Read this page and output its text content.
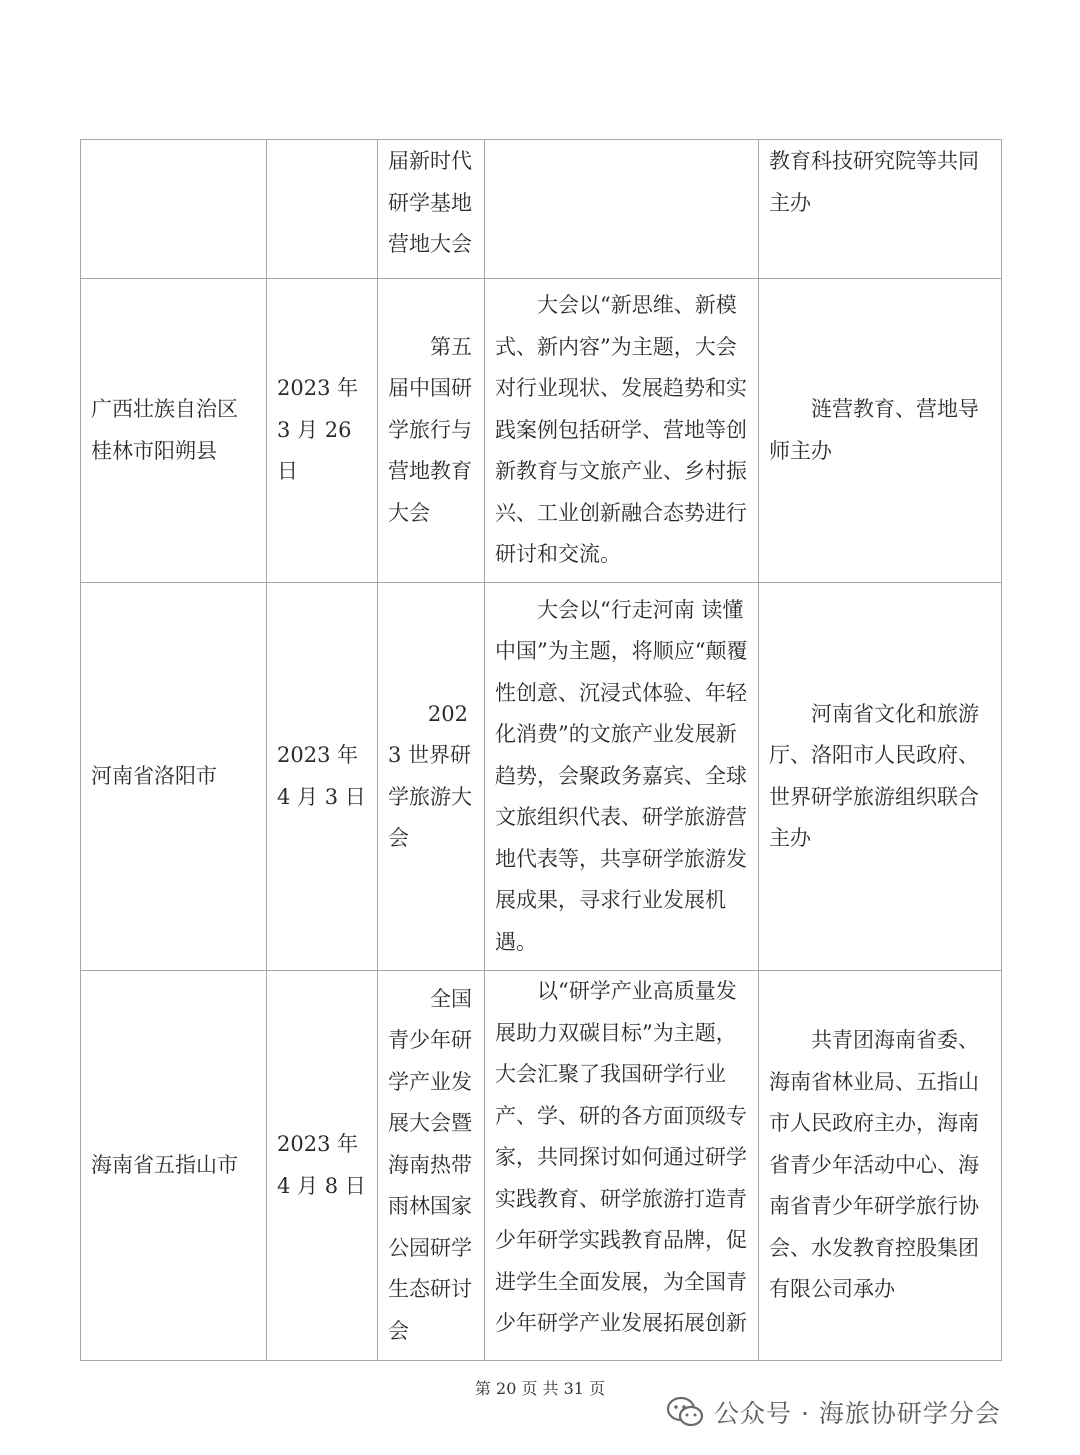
		届新时代研学基地营地大会		教育科技研究院等共同主办
广西壮族自治区桂林市阳朔县	2023 年 3 月 26 日	第五届中国研学旅行与营地教育大会	大会以“新思维、新模式、新内容”为主题，大会对行业现状、发展趋势和实践案例包括研学、营地等创新教育与文旅产业、乡村振兴、工业创新融合态势进行研讨和交流。	涟营教育、营地导师主办
河南省洛阳市	2023 年 4 月 3 日	2023 世界研学旅游大会	大会以“行走河南 读懂中国”为主题，将顺应“颠覆性创意、沉浸式体验、年轻化消费”的文旅产业发展新趋势，会聚政务嘉宾、全球文旅组织代表、研学旅游营地代表等，共享研学旅游发展成果，寻求行业发展机遇。	河南省文化和旅游厅、洛阳市人民政府、世界研学旅游组织联合主办
海南省五指山市	2023 年 4 月 8 日	全国青少年研学产业发展大会暨海南热带雨林国家公园研学生态研讨会	以“研学产业高质量发展助力双碳目标”为主题，大会汇聚了我国研学行业产、学、研的各方面顶级专家，共同探讨如何通过研学实践教育、研学旅游打造青少年研学实践教育品牌，促进学生全面发展，为全国青少年研学产业发展拓展创新	共青团海南省委、海南省林业局、五指山市人民政府主办，海南省青少年活动中心、海南省青少年研学旅行协会、水发教育控股集团有限公司承办
第 20 页 共 31 页
公众号 · 海旅协研学分会
